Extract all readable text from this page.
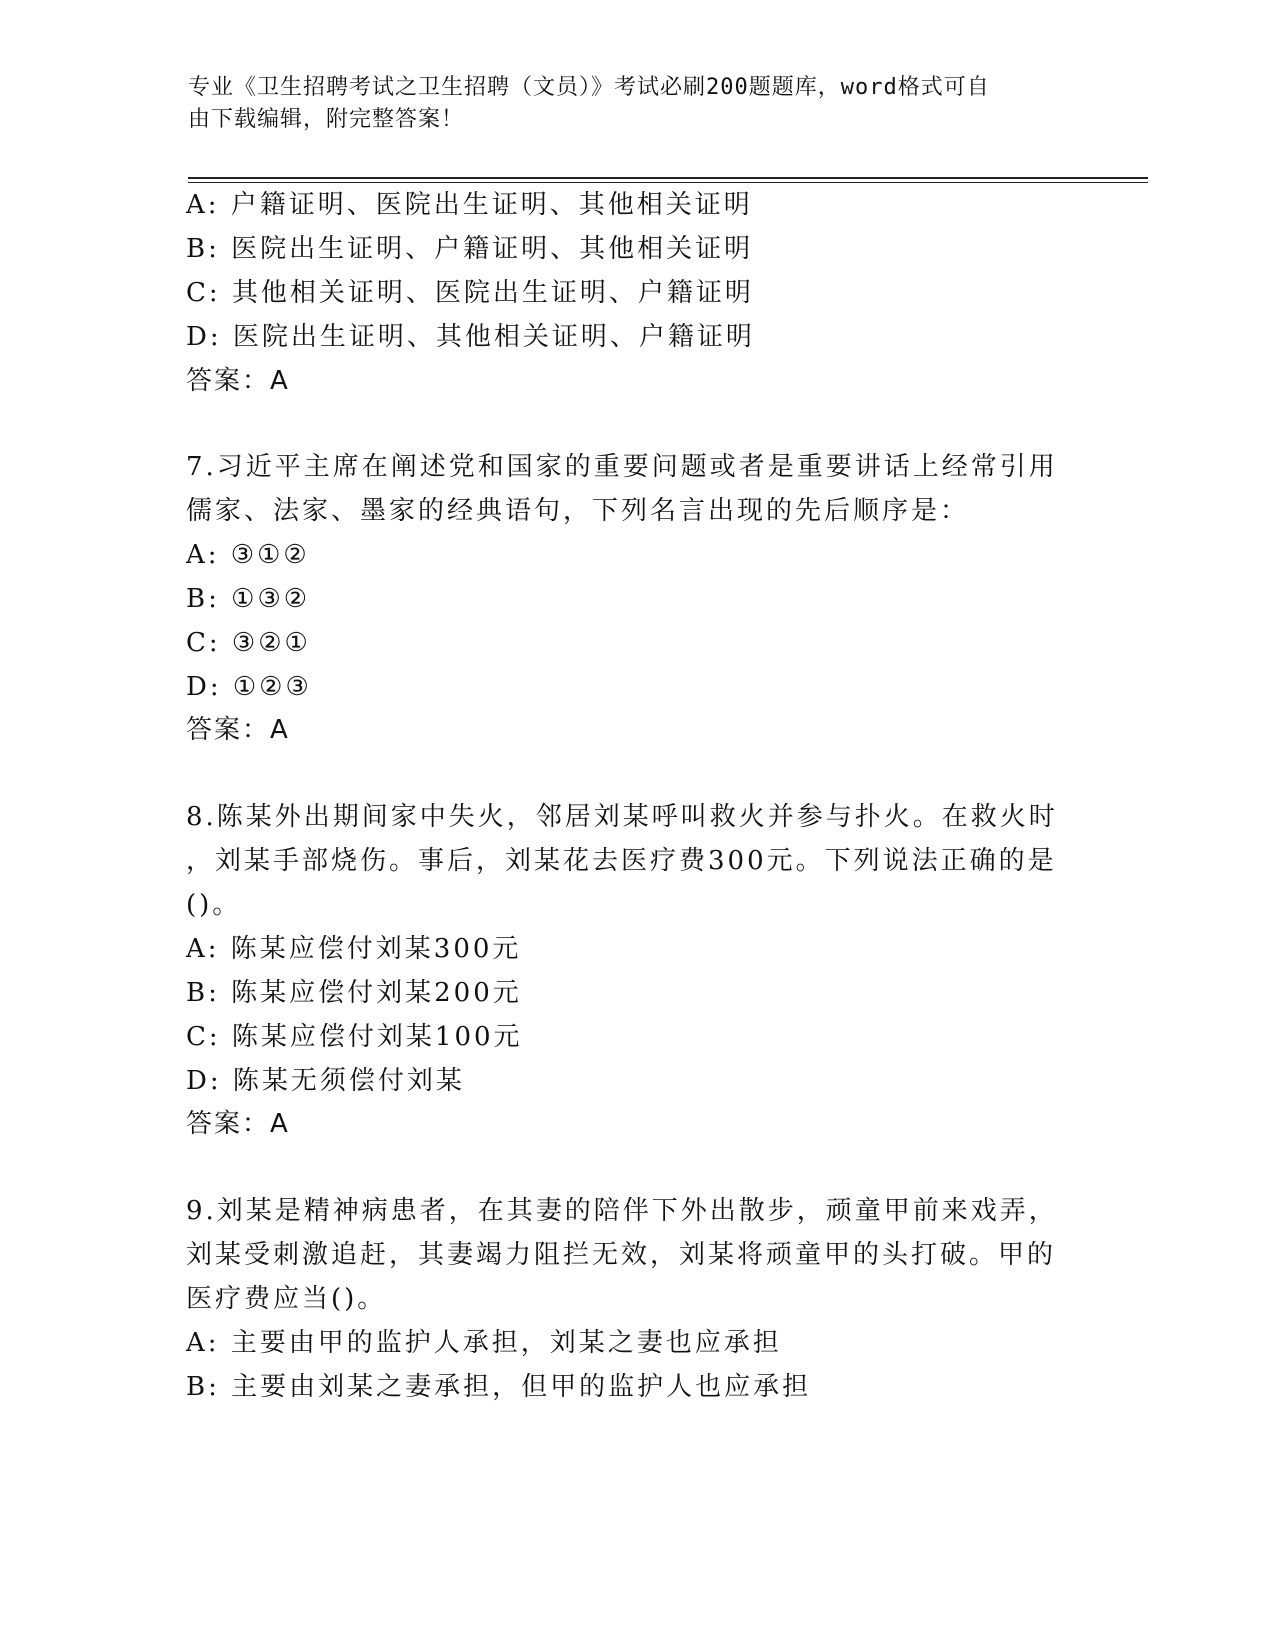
专业《卫生招聘考试之卫生招聘（文员）》考试必刷200题题库，word格式可自
由下载编辑，附完整答案！
A: 户籍证明、医院出生证明、其他相关证明
B: 医院出生证明、户籍证明、其他相关证明
C: 其他相关证明、医院出生证明、户籍证明
D: 医院出生证明、其他相关证明、户籍证明
答案：A
7.习近平主席在阐述党和国家的重要问题或者是重要讲话上经常引用
儒家、法家、墨家的经典语句，下列名言出现的先后顺序是：
A: ③①②
B: ①③②
C: ③②①
D: ①②③
答案：A
8.陈某外出期间家中失火，邻居刘某呼叫救火并参与扑火。在救火时
，刘某手部烧伤。事后，刘某花去医疗费300元。下列说法正确的是
()。
A: 陈某应偿付刘某300元
B: 陈某应偿付刘某200元
C: 陈某应偿付刘某100元
D: 陈某无须偿付刘某
答案：A
9.刘某是精神病患者，在其妻的陪伴下外出散步，顽童甲前来戏弄，
刘某受刺激追赶，其妻竭力阻拦无效，刘某将顽童甲的头打破。甲的
医疗费应当()。
A: 主要由甲的监护人承担，刘某之妻也应承担
B: 主要由刘某之妻承担，但甲的监护人也应承担
